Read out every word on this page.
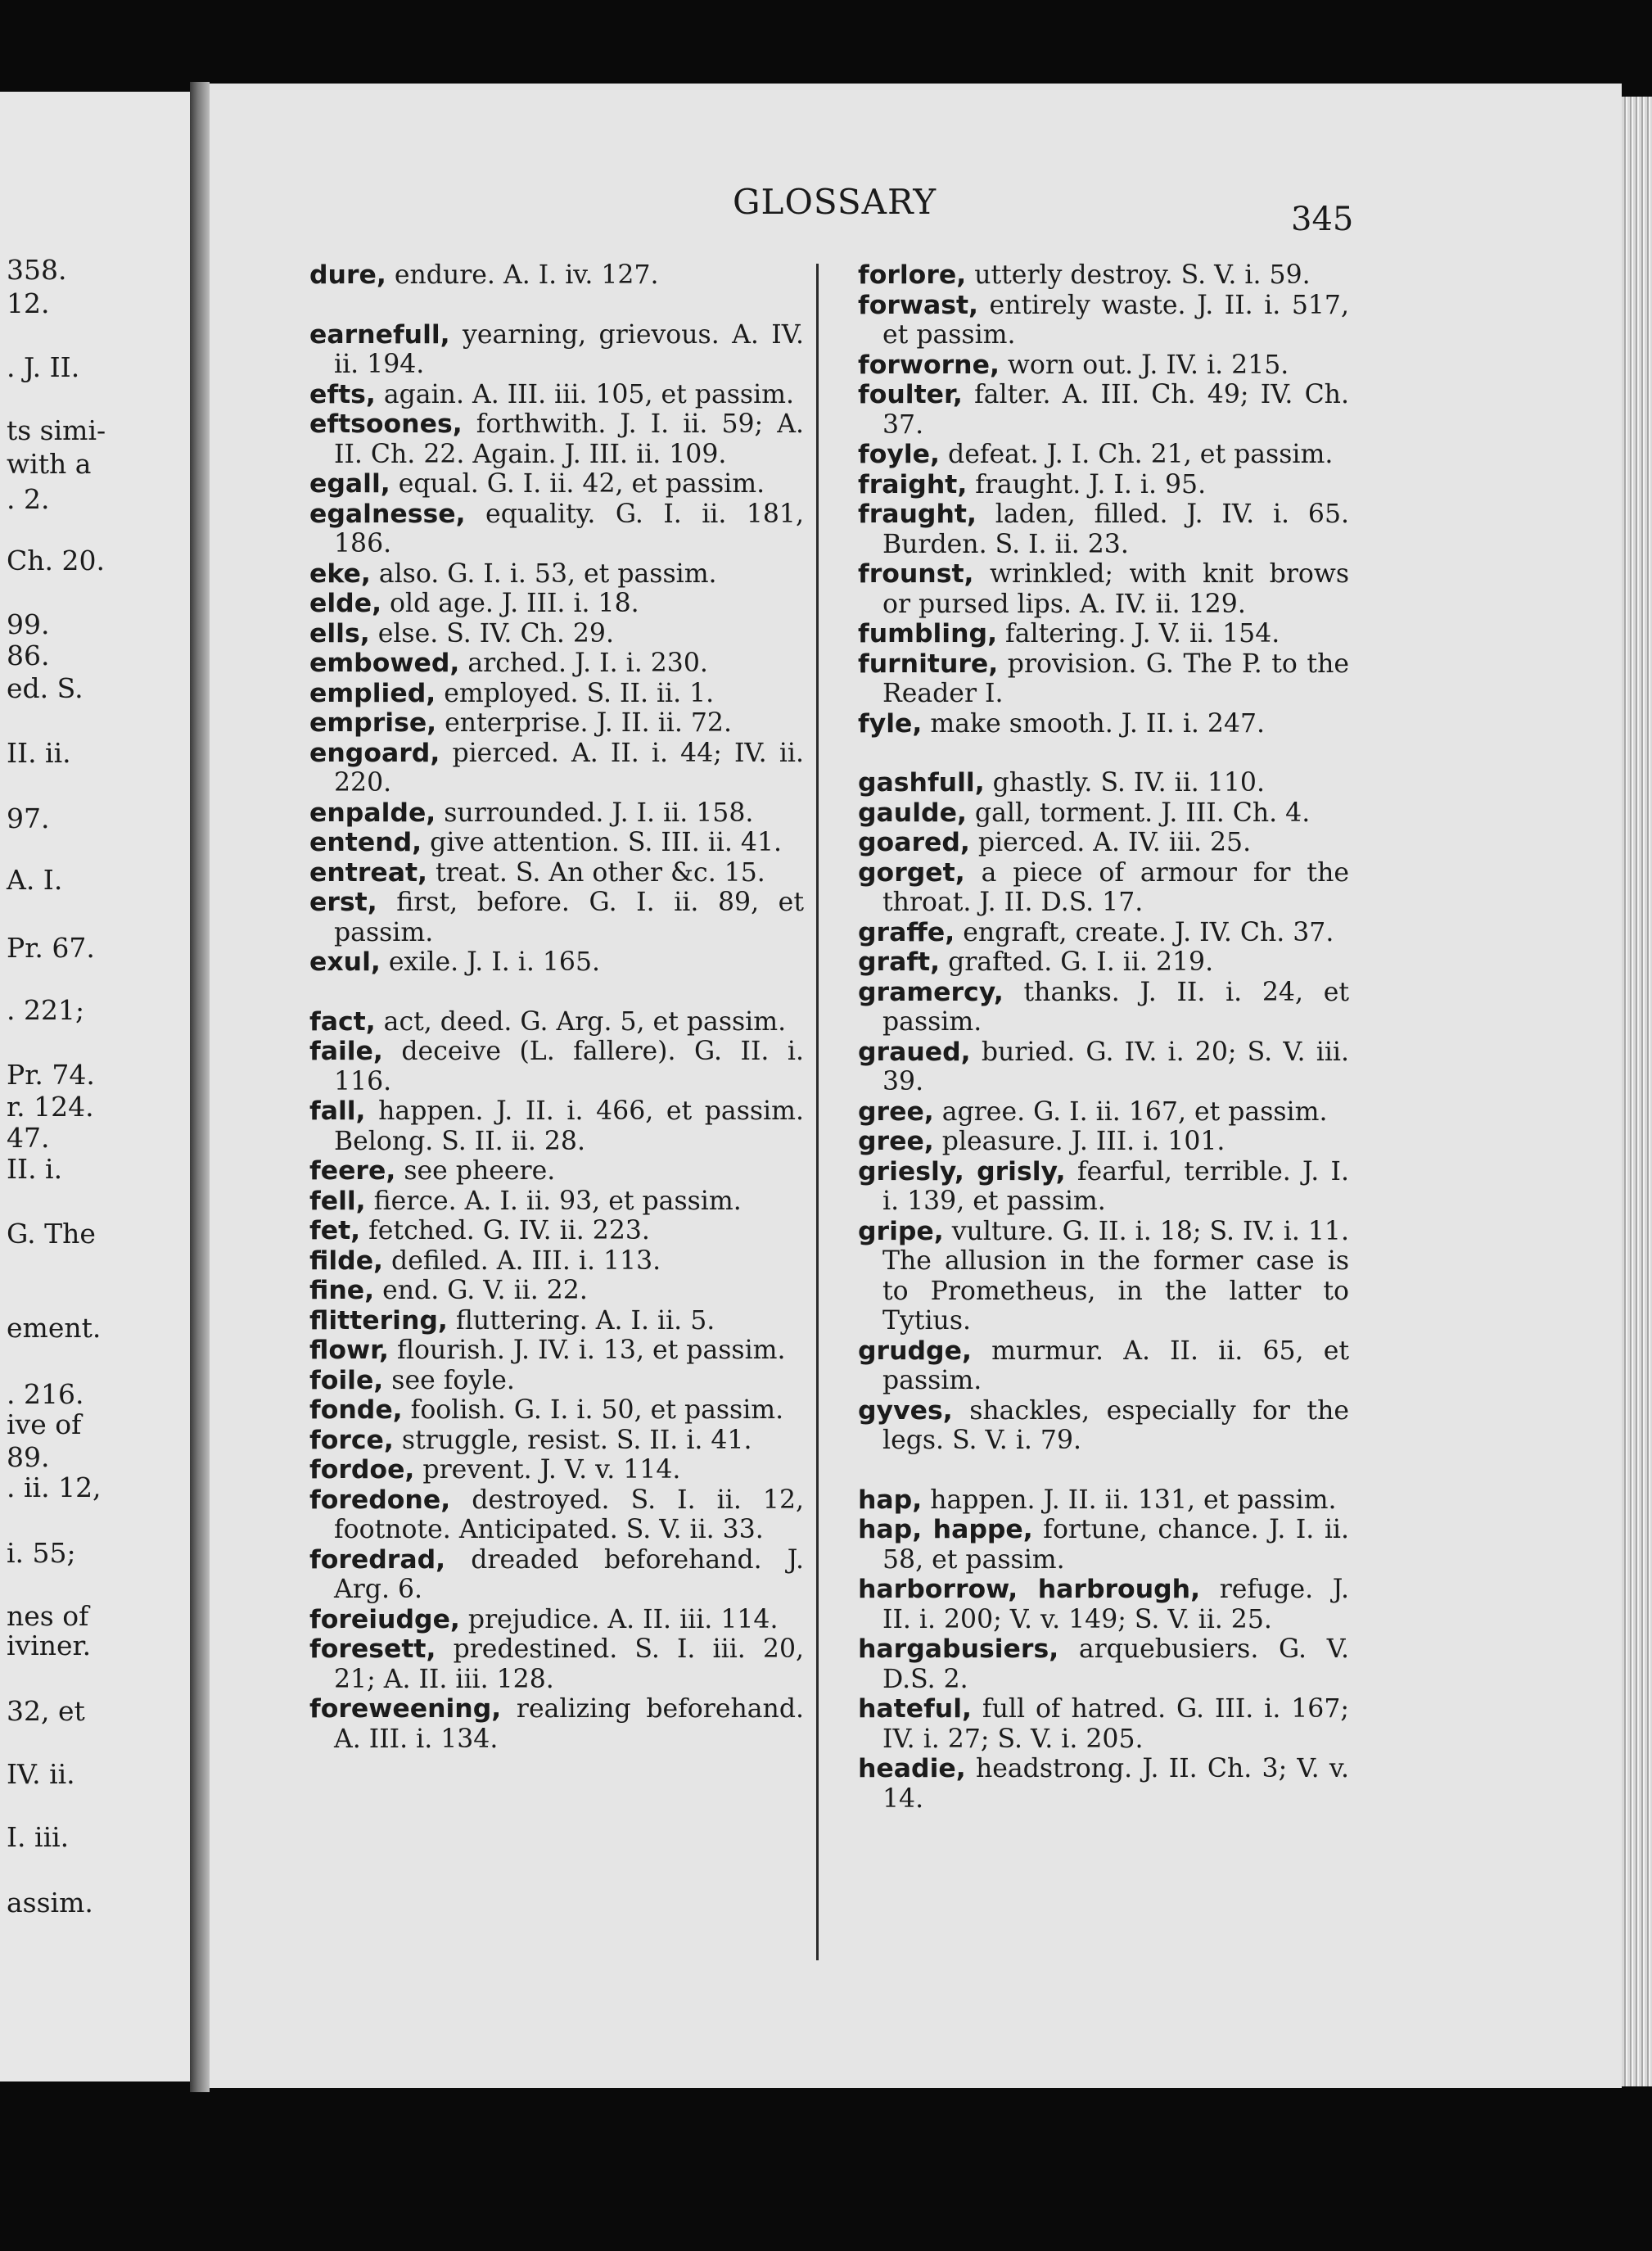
358.
12.
. J. II.
ts simi-
with a
. 2.
Ch. 20.
99.
86.
ed. S.
II. ii.
97.
A. I.
Pr. 67.
. 221;
Pr. 74.
r. 124.
47.
II. i.
G. The
ement.
. 216.
ive of
89.
. ii. 12,
i. 55;
nes of
iviner.
32, et
IV. ii.
I. iii.
assim.
GLOSSARY	345

dure, endure. A. I. iv. 127.

earnefull, yearning, grievous. A. IV. ii. 194.

efts, again. A. III. iii. 105, et passim.

eftsoones, forthwith. J. I. ii. 59; A. II. Ch. 22. Again. J. III. ii. 109.

egall, equal. G. I. ii. 42, et passim.

egalnesse, equality. G. I. ii. 181, 186.

eke, also. G. I. i. 53, et passim.

elde, old age. J. III. i. 18.

ells, else. S. IV. Ch. 29.

embowed, arched. J. I. i. 230.

emplied, employed. S. II. ii. 1.

emprise, enterprise. J. II. ii. 72.

engoard, pierced. A. II. i. 44; IV. ii. 220.

enpalde, surrounded. J. I. ii. 158.

entend, give attention. S. III. ii. 41.

entreat, treat. S. An other &c. 15.

erst, first, before. G. I. ii. 89, et passim.

exul, exile. J. I. i. 165.

fact, act, deed. G. Arg. 5, et passim.

faile, deceive (L. fallere). G. II. i. 116.

fall, happen. J. II. i. 466, et passim. Belong. S. II. ii. 28.

feere, see pheere.

fell, fierce. A. I. ii. 93, et passim.

fet, fetched. G. IV. ii. 223.

filde, defiled. A. III. i. 113.

fine, end. G. V. ii. 22.

flittering, fluttering. A. I. ii. 5.

flowr, flourish. J. IV. i. 13, et passim.

foile, see foyle.

fonde, foolish. G. I. i. 50, et passim.

force, struggle, resist. S. II. i. 41.

fordoe, prevent. J. V. v. 114.

foredone, destroyed. S. I. ii. 12, footnote. Anticipated. S. V. ii. 33.

foredrad, dreaded beforehand. J. Arg. 6.

foreiudge, prejudice. A. II. iii. 114.

foresett, predestined. S. I. iii. 20, 21; A. II. iii. 128.

foreweening, realizing beforehand. A. III. i. 134.

forlore, utterly destroy. S. V. i. 59.

forwast, entirely waste. J. II. i. 517, et passim.

forworne, worn out. J. IV. i. 215.

foulter, falter. A. III. Ch. 49; IV. Ch. 37.

foyle, defeat. J. I. Ch. 21, et passim.

fraight, fraught. J. I. i. 95.

fraught, laden, filled. J. IV. i. 65. Burden. S. I. ii. 23.

frounst, wrinkled; with knit brows or pursed lips. A. IV. ii. 129.

fumbling, faltering. J. V. ii. 154.

furniture, provision. G. The P. to the Reader I.

fyle, make smooth. J. II. i. 247.

gashfull, ghastly. S. IV. ii. 110.

gaulde, gall, torment. J. III. Ch. 4.

goared, pierced. A. IV. iii. 25.

gorget, a piece of armour for the throat. J. II. D.S. 17.

graffe, engraft, create. J. IV. Ch. 37.

graft, grafted. G. I. ii. 219.

gramercy, thanks. J. II. i. 24, et passim.

graued, buried. G. IV. i. 20; S. V. iii. 39.

gree, agree. G. I. ii. 167, et passim.

gree, pleasure. J. III. i. 101.

griesly, grisly, fearful, terrible. J. I. i. 139, et passim.

gripe, vulture. G. II. i. 18; S. IV. i. 11. The allusion in the former case is to Prometheus, in the latter to Tytius.

grudge, murmur. A. II. ii. 65, et passim.

gyves, shackles, especially for the legs. S. V. i. 79.

hap, happen. J. II. ii. 131, et passim.

hap, happe, fortune, chance. J. I. ii. 58, et passim.

harborrow, harbrough, refuge. J. II. i. 200; V. v. 149; S. V. ii. 25.

hargabusiers, arquebusiers. G. V. D.S. 2.

hateful, full of hatred. G. III. i. 167; IV. i. 27; S. V. i. 205.

headie, headstrong. J. II. Ch. 3; V. v. 14.
